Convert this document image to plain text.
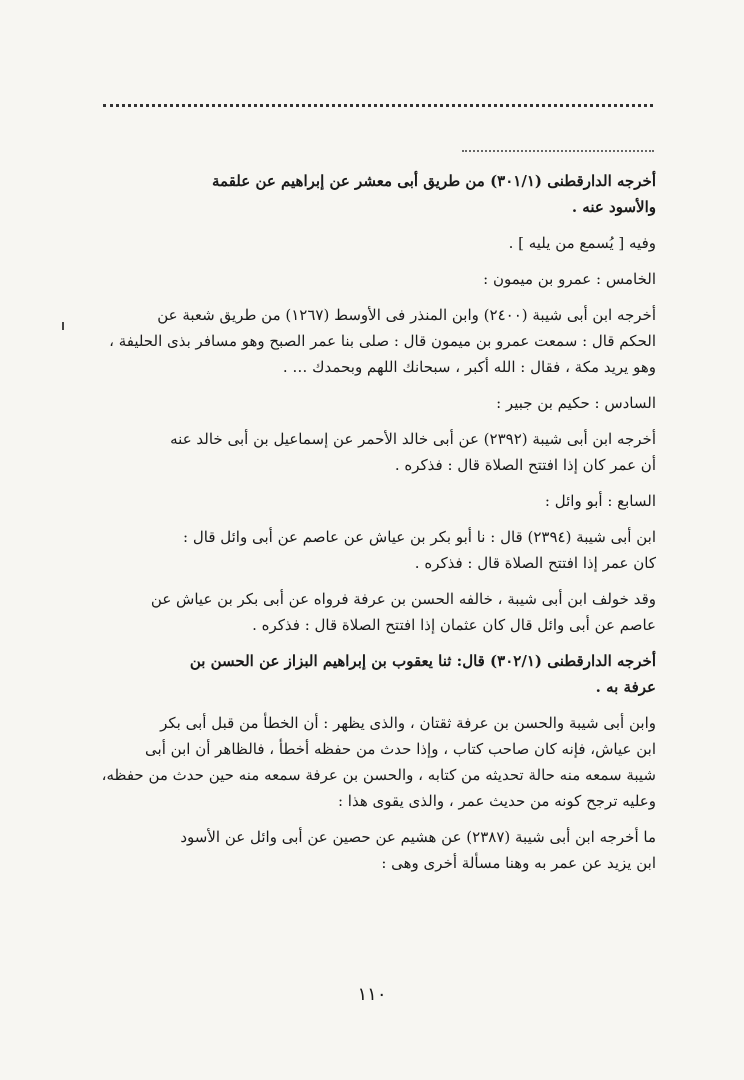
أخرجه الدارقطنى (٣٠١/١) من طريق أبى معشر عن إبراهيم عن علقمة
والأسود عنه .
وفيه [ يُسمع من يليه ] .
الخامس : عمرو بن ميمون :
أخرجه ابن أبى شيبة (٢٤٠٠) وابن المنذر فى الأوسط (١٢٦٧) من طريق شعبة عن
الحكم قال : سمعت عمرو بن ميمون قال : صلى بنا عمر الصبح وهو مسافر بذى الحليفة ،
وهو يريد مكة ، فقال : الله أكبر ، سبحانك اللهم وبحمدك … .
السادس : حكيم بن جبير :
أخرجه ابن أبى شيبة (٢٣٩٢) عن أبى خالد الأحمر عن إسماعيل بن أبى خالد عنه
أن عمر كان إذا افتتح الصلاة قال : فذكره .
السابع : أبو وائل :
ابن أبى شيبة (٢٣٩٤) قال : نا أبو بكر بن عياش عن عاصم عن أبى وائل قال :
كان عمر إذا افتتح الصلاة قال : فذكره .
وقد خولف ابن أبى شيبة ، خالفه الحسن بن عرفة فرواه عن أبى بكر بن عياش عن
عاصم عن أبى وائل قال كان عثمان إذا افتتح الصلاة قال : فذكره .
أخرجه الدارقطنى (٣٠٢/١) قال: ثنا يعقوب بن إبراهيم البزاز عن الحسن بن
عرفة به .
وابن أبى شيبة والحسن بن عرفة ثقتان ، والذى يظهر : أن الخطأ من قبل أبى بكر
ابن عياش، فإنه كان صاحب كتاب ، وإذا حدث من حفظه أخطأ ، فالظاهر أن ابن أبى
شيبة سمعه منه حالة تحديثه من كتابه ، والحسن بن عرفة سمعه منه حين حدث من حفظه،
وعليه ترجح كونه من حديث عمر ، والذى يقوى هذا :
ما أخرجه ابن أبى شيبة (٢٣٨٧) عن هشيم عن حصين عن أبى وائل عن الأسود
ابن يزيد عن عمر به وهنا مسألة أخرى وهى :
١١٠
